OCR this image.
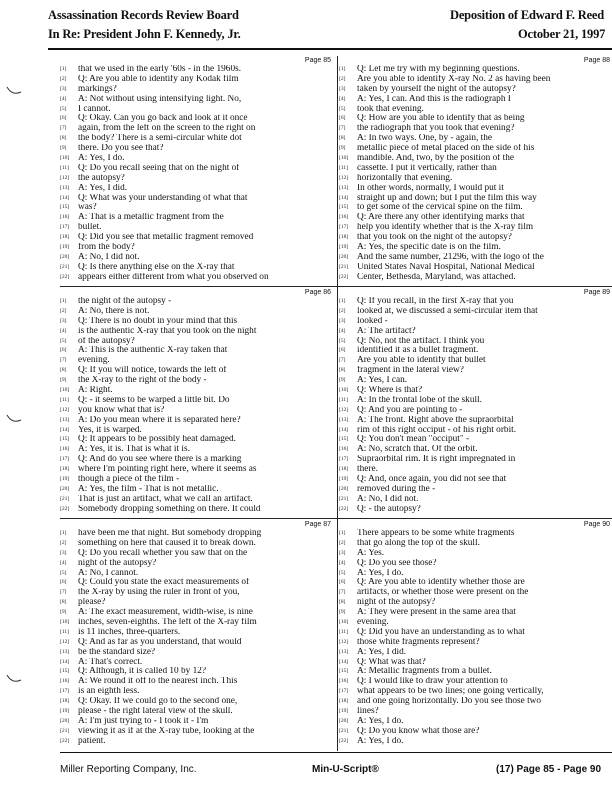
Assassination Records Review Board
In Re: President John F. Kennedy, Jr.
Deposition of Edward F. Reed
October 21, 1997
Page 85
[1]	that we used in the early '60s - in the 1960s.
[2]	Q: Are you able to identify any Kodak film
[3]	markings?
[4]	A: Not without using intensifying light. No,
[5]	I cannot.
[6]	Q: Okay. Can you go back and look at it once
[7]	again, from the left on the screen to the right on
[8]	the body? There is a semi-circular white dot
[9]	there. Do you see that?
[10] A: Yes, I do.
[11] Q: Do you recall seeing that on the night of
[12] the autopsy?
[13] A: Yes, I did.
[14] Q: What was your understanding of what that
[15] was?
[16] A: That is a metallic fragment from the
[17] bullet.
[18] Q: Did you see that metallic fragment removed
[19] from the body?
[20] A: No, I did not.
[21] Q: Is there anything else on the X-ray that
[22] appears either different from what you observed on
Page 88
[1]	Q: Let me try with my beginning questions.
[2]	Are you able to identify X-ray No. 2 as having been
[3]	taken by yourself the night of the autopsy?
[4]	A: Yes, I can. And this is the radiograph I
[5]	took that evening.
[6]	Q: How are you able to identify that as being
[7]	the radiograph that you took that evening?
[8]	A: In two ways. One, by - again, the
[9]	metallic piece of metal placed on the side of his
[10] mandible. And, two, by the position of the
[11] cassette. I put it vertically, rather than
[12] horizontally that evening.
[13] In other words, normally, I would put it
[14] straight up and down; but I put the film this way
[15] to get some of the cervical spine on the film.
[16] Q: Are there any other identifying marks that
[17] help you identify whether that is the X-ray film
[18] that you took on the night of the autopsy?
[19] A: Yes, the specific date is on the film.
[20] And the same number, 21296, with the logo of the
[21] United States Naval Hospital, National Medical
[22] Center, Bethesda, Maryland, was attached.
Page 86
[1]	the night of the autopsy -
[2]	A: No, there is not.
[3]	Q: There is no doubt in your mind that this
[4]	is the authentic X-ray that you took on the night
[5]	of the autopsy?
[6]	A: This is the authentic X-ray taken that
[7]	evening.
[8]	Q: If you will notice, towards the left of
[9]	the X-ray to the right of the body -
[10] A: Right.
[11] Q: - it seems to be warped a little bit. Do
[12] you know what that is?
[13] A: Do you mean where it is separated here?
[14] Yes, it is warped.
[15] Q: It appears to be possibly heat damaged.
[16] A: Yes, it is. That is what it is.
[17] Q: And do you see where there is a marking
[18] where I'm pointing right here, where it seems as
[19] though a piece of the film -
[20] A: Yes, the film - That is not metallic.
[21] That is just an artifact, what we call an artifact.
[22] Somebody dropping something on there. It could
Page 89
[1]	Q: If you recall, in the first X-ray that you
[2]	looked at, we discussed a semi-circular item that
[3]	looked -
[4]	A: The artifact?
[5]	Q: No, not the artifact. I think you
[6]	identified it as a bullet fragment.
[7]	Are you able to identify that bullet
[8]	fragment in the lateral view?
[9]	A: Yes, I can.
[10] Q: Where is that?
[11] A: In the frontal lobe of the skull.
[12] Q: And you are pointing to -
[13] A: The front. Right above the supraorbital
[14] rim of this right occiput - of his right orbit.
[15] Q: You don't mean "occiput" -
[16] A: No, scratch that. Of the orbit.
[17] Supraorbital rim. It is right impregnated in
[18] there.
[19] Q: And, once again, you did not see that
[20] removed during the -
[21] A: No, I did not.
[22] Q: - the autopsy?
Page 87
[1]	have been me that night. But somebody dropping
[2]	something on here that caused it to break down.
[3]	Q: Do you recall whether you saw that on the
[4]	night of the autopsy?
[5]	A: No, I cannot.
[6]	Q: Could you state the exact measurements of
[7]	the X-ray by using the ruler in front of you,
[8]	please?
[9]	A: The exact measurement, width-wise, is nine
[10] inches, seven-eighths. The left of the X-ray film
[11] is 11 inches, three-quarters.
[12] Q: And as far as you understand, that would
[13] be the standard size?
[14] A: That's correct.
[15] Q: Although, it is called 10 by 12?
[16] A: We round it off to the nearest inch. This
[17] is an eighth less.
[18] Q: Okay. If we could go to the second one,
[19] please - the right lateral view of the skull.
[20] A: I'm just trying to - I took it - I'm
[21] viewing it as if at the X-ray tube, looking at the
[22] patient.
Page 90
[1]	There appears to be some white fragments
[2]	that go along the top of the skull.
[3]	A: Yes.
[4]	Q: Do you see those?
[5]	A: Yes, I do.
[6]	Q: Are you able to identify whether those are
[7]	artifacts, or whether those were present on the
[8]	night of the autopsy?
[9]	A: They were present in the same area that
[10] evening.
[11] Q: Did you have an understanding as to what
[12] those white fragments represent?
[13] A: Yes, I did.
[14] Q: What was that?
[15] A: Metallic fragments from a bullet.
[16] Q: I would like to draw your attention to
[17] what appears to be two lines; one going vertically,
[18] and one going horizontally. Do you see those two
[19] lines?
[20] A: Yes, I do.
[21] Q: Do you know what those are?
[22] A: Yes, I do.
Miller Reporting Company, Inc.	Min-U-Script®	(17) Page 85 - Page 90
